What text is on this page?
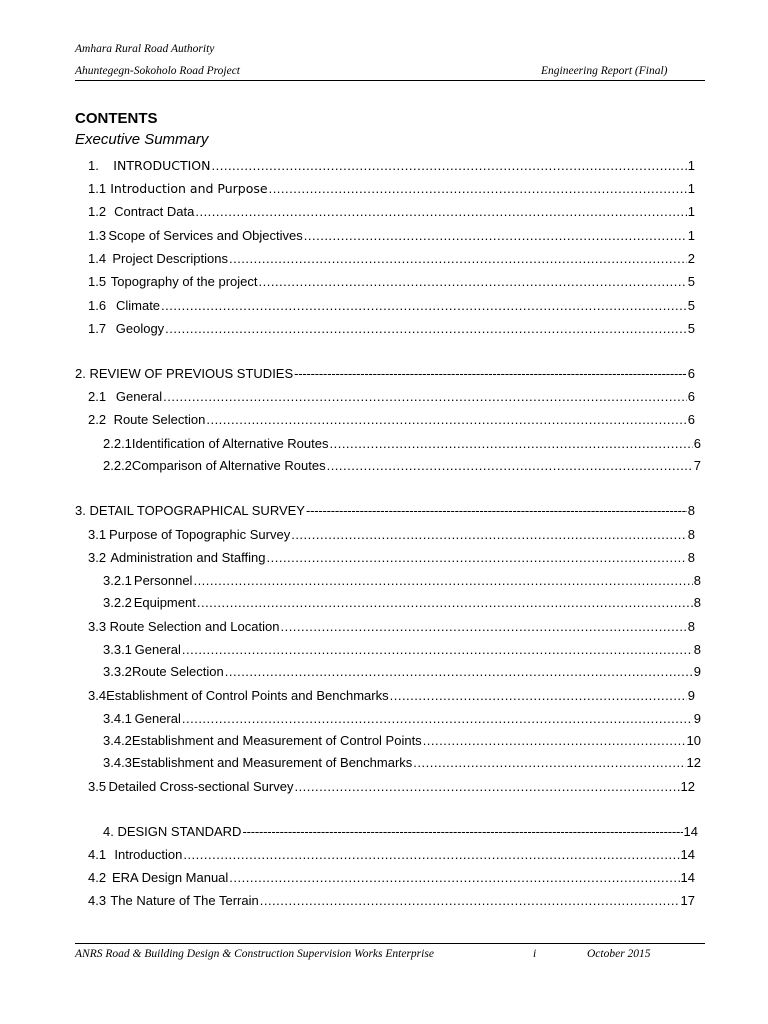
Amhara Rural Road Authority
Ahuntegegn-Sokoholo Road Project	Engineering Report (Final)
CONTENTS
Executive Summary
1.	INTRODUCTION .....	1
1.1 Introduction and Purpose .....	1
1.2 Contract Data .....	1
1.3 Scope of Services and Objectives .....	1
1.4 Project Descriptions .....	2
1.5 Topography of the project .....	5
1.6 Climate .....	5
1.7 Geology .....	5
2. REVIEW OF PREVIOUS STUDIES -----	6
2.1 General .....	6
2.2 Route Selection .....	6
2.2.1 Identification of Alternative Routes .....	6
2.2.2 Comparison of Alternative Routes .....	7
3. DETAIL TOPOGRAPHICAL SURVEY -----	8
3.1 Purpose of Topographic Survey .....	8
3.2 Administration and Staffing .....	8
3.2.1 Personnel .....	8
3.2.2 Equipment .....	8
3.3 Route Selection and Location .....	8
3.3.1 General .....	8
3.3.2 Route Selection .....	9
3.4 Establishment of Control Points and Benchmarks .....	9
3.4.1 General .....	9
3.4.2 Establishment and Measurement of Control Points .....	10
3.4.3 Establishment and Measurement of Benchmarks .....	12
3.5 Detailed Cross-sectional Survey .....	12
4. DESIGN STANDARD -----	14
4.1 Introduction .....	14
4.2 ERA Design Manual .....	14
4.3 The Nature of The Terrain .....	17
ANRS Road & Building Design & Construction Supervision Works Enterprise	i	October 2015
